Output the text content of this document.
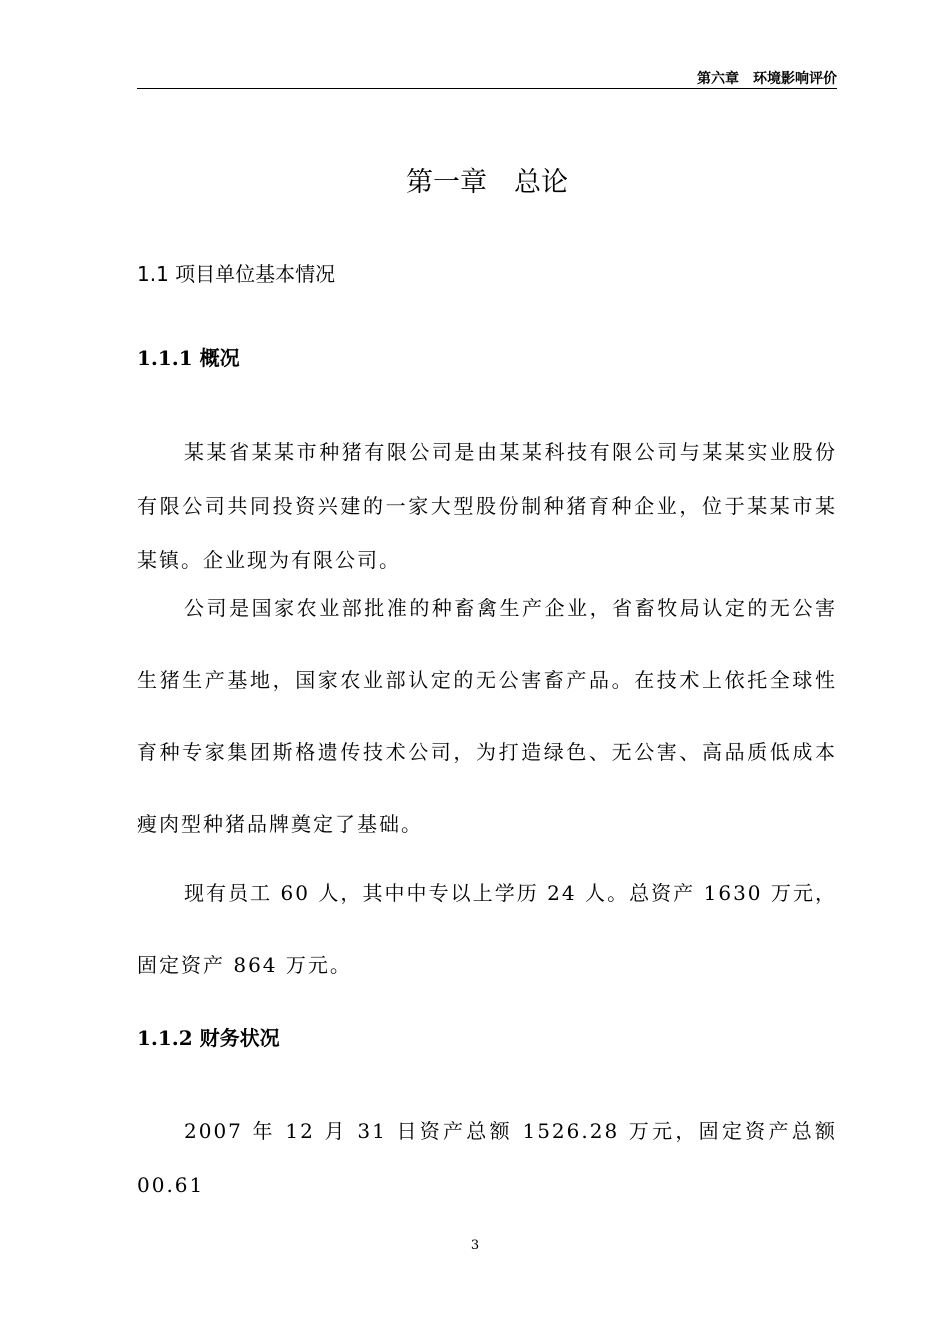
第六章　环境影响评价
第一章　总论
1.1 项目单位基本情况
1.1.1 概况

某某省某某市种猪有限公司是由某某科技有限公司与某某实业股份有限公司共同投资兴建的一家大型股份制种猪育种企业，位于某某市某某镇。企业现为有限公司。

公司是国家农业部批准的种畜禽生产企业，省畜牧局认定的无公害生猪生产基地，国家农业部认定的无公害畜产品。在技术上依托全球性育种专家集团斯格遗传技术公司，为打造绿色、无公害、高品质低成本瘦肉型种猪品牌奠定了基础。

现有员工 60 人，其中中专以上学历 24 人。总资产 1630 万元，固定资产 864 万元。

1.1.2 财务状况

2007 年 12 月 31 日资产总额 1526.28 万元，固定资产总额 00.61

3
